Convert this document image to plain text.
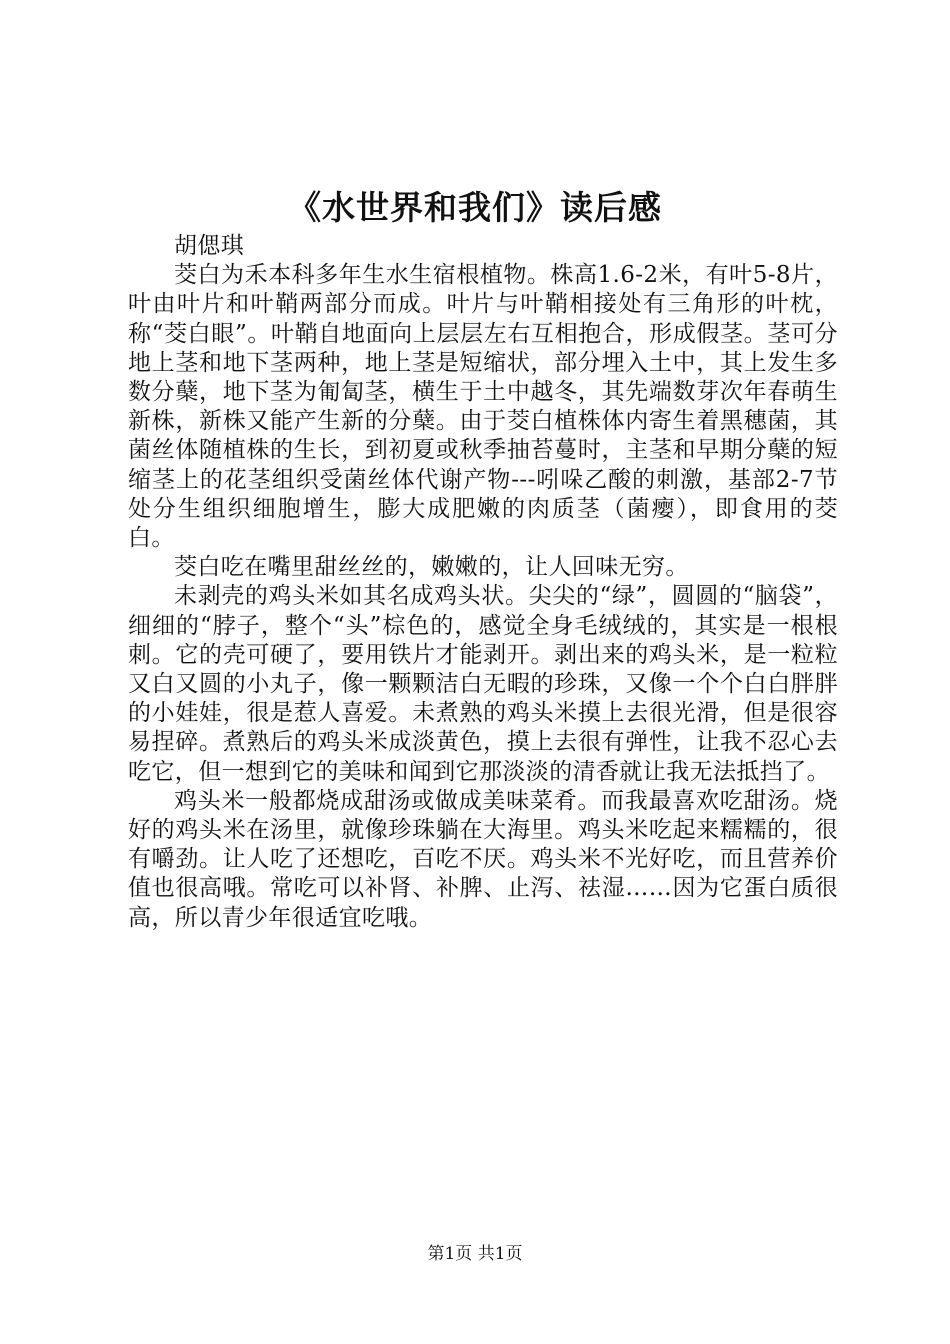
《水世界和我们》读后感

胡偲琪

茭白为禾本科多年生水生宿根植物。株高1.6-2米，有叶5-8片，叶由叶片和叶鞘两部分而成。叶片与叶鞘相接处有三角形的叶枕，称“茭白眼”。叶鞘自地面向上层层左右互相抱合，形成假茎。茎可分地上茎和地下茎两种，地上茎是短缩状，部分埋入土中，其上发生多数分蘖，地下茎为匍匐茎，横生于土中越冬，其先端数芽次年春萌生新株，新株又能产生新的分蘖。由于茭白植株体内寄生着黑穗菌，其菌丝体随植株的生长，到初夏或秋季抽苔蔓时，主茎和早期分蘖的短缩茎上的花茎组织受菌丝体代谢产物---吲哚乙酸的刺激，基部2-7节处分生组织细胞增生，膨大成肥嫩的肉质茎（菌瘿），即食用的茭白。

茭白吃在嘴里甜丝丝的，嫩嫩的，让人回味无穷。

未剥壳的鸡头米如其名成鸡头状。尖尖的“绿”，圆圆的“脑袋”，细细的“脖子，整个“头”棕色的，感觉全身毛绒绒的，其实是一根根刺。它的壳可硬了，要用铁片才能剥开。剥出来的鸡头米，是一粒粒又白又圆的小丸子，像一颗颗洁白无暇的珍珠，又像一个个白白胖胖的小娃娃，很是惹人喜爱。未煮熟的鸡头米摸上去很光滑，但是很容易捏碎。煮熟后的鸡头米成淡黄色，摸上去很有弹性，让我不忍心去吃它，但一想到它的美味和闻到它那淡淡的清香就让我无法抵挡了。

鸡头米一般都烧成甜汤或做成美味菜肴。而我最喜欢吃甜汤。烧好的鸡头米在汤里，就像珍珠躺在大海里。鸡头米吃起来糯糯的，很有嚼劲。让人吃了还想吃，百吃不厌。鸡头米不光好吃，而且营养价值也很高哦。常吃可以补肾、补脾、止泻、祛湿……因为它蛋白质很高，所以青少年很适宜吃哦。

第1页 共1页
